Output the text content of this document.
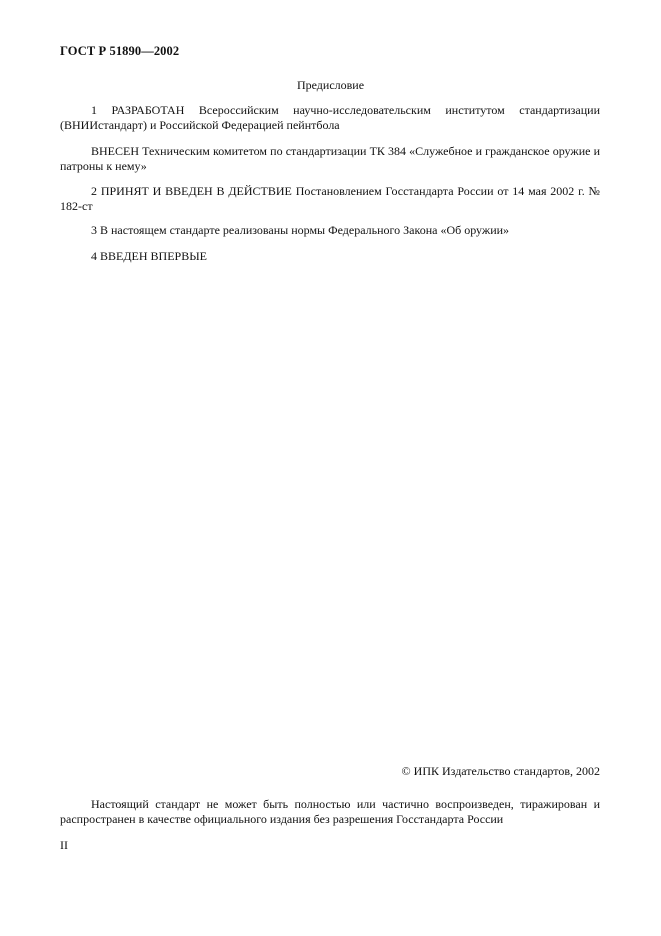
ГОСТ Р 51890—2002
Предисловие
1 РАЗРАБОТАН Всероссийским научно-исследовательским институтом стандартизации (ВНИИстандарт) и Российской Федерацией пейнтбола
ВНЕСЕН Техническим комитетом по стандартизации ТК 384 «Служебное и гражданское оружие и патроны к нему»
2 ПРИНЯТ И ВВЕДЕН В ДЕЙСТВИЕ Постановлением Госстандарта России от 14 мая 2002 г. № 182-ст
3 В настоящем стандарте реализованы нормы Федерального Закона «Об оружии»
4 ВВЕДЕН ВПЕРВЫЕ
© ИПК Издательство стандартов, 2002
Настоящий стандарт не может быть полностью или частично воспроизведен, тиражирован и распространен в качестве официального издания без разрешения Госстандарта России
II
